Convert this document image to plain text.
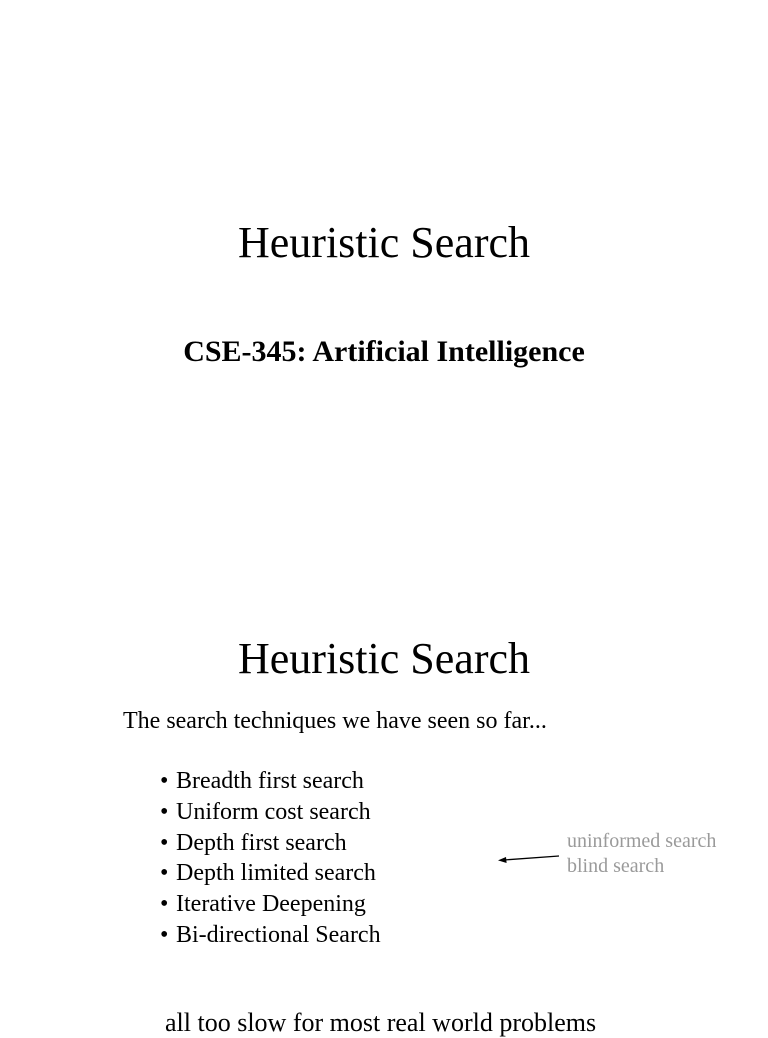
Heuristic Search
CSE-345: Artificial Intelligence
Heuristic Search
The search techniques we have seen so far...
• Breadth first search
• Uniform cost search
• Depth first search
• Depth limited search
• Iterative Deepening
• Bi-directional Search
uninformed search
blind search
all too slow for most real world problems
